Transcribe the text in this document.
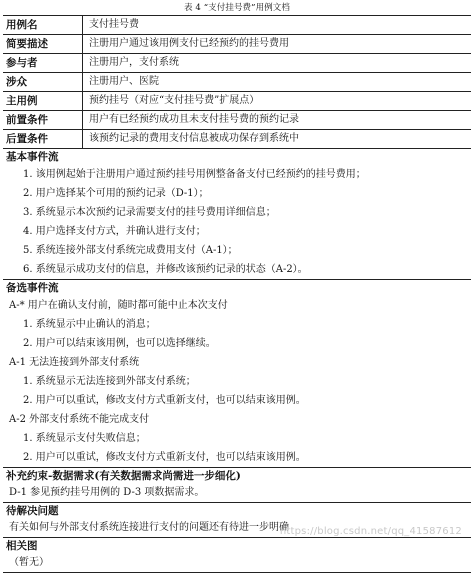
表 4 “支付挂号费”用例文档
用例名	支付挂号费
简要描述	注册用户通过该用例支付已经预约的挂号费用
参与者	注册用户，支付系统
涉众	注册用户、医院
主用例	预约挂号（对应“支付挂号费”扩展点）
前置条件	用户有已经预约成功且未支付挂号费的预约记录
后置条件	该预约记录的费用支付信息被成功保存到系统中
基本事件流
1. 该用例起始于注册用户通过预约挂号用例整备备支付已经预约的挂号费用；
2. 用户选择某个可用的预约记录（D-1）；
3. 系统显示本次预约记录需要支付的挂号费用详细信息；
4. 用户选择支付方式，并确认进行支付；
5. 系统连接外部支付系统完成费用支付（A-1）；
6. 系统显示成功支付的信息，并修改该预约记录的状态（A-2）。
备选事件流
A-* 用户在确认支付前，随时都可能中止本次支付
1. 系统显示中止确认的消息；
2. 用户可以结束该用例，也可以选择继续。
A-1 无法连接到外部支付系统
1. 系统显示无法连接到外部支付系统；
2. 用户可以重试，修改支付方式重新支付，也可以结束该用例。
A-2 外部支付系统不能完成支付
1. 系统显示支付失败信息；
2. 用户可以重试，修改支付方式重新支付，也可以结束该用例。
补充约束-数据需求(有关数据需求尚需进一步细化)
D-1 参见预约挂号用例的 D-3 项数据需求。
待解决问题
有关如何与外部支付系统连接进行支付的问题还有待进一步明确
相关图
（暂无）
https://blog.csdn.net/qq_41587612
